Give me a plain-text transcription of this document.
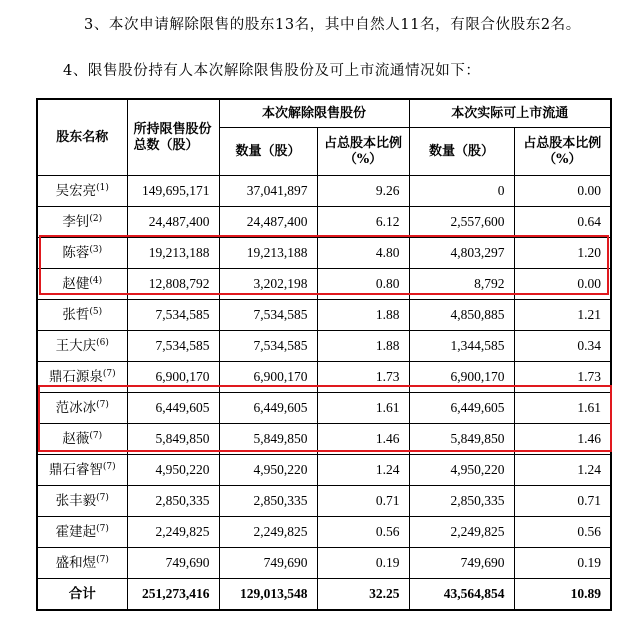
3、本次申请解除限售的股东13名，其中自然人11名，有限合伙股东2名。
4、限售股份持有人本次解除限售股份及可上市流通情况如下：
股东名称	所持限售股份总数（股）	本次解除限售股份		本次实际可上市流通	
		数量（股）	占总股本比例（%）	数量（股）	占总股本比例（%）
吴宏亮$^{(1)}$	149,695,171	37,041,897	9.26	0	0.00
李钊$^{(2)}$	24,487,400	24,487,400	6.12	2,557,600	0.64
陈蓉$^{(3)}$	19,213,188	19,213,188	4.80	4,803,297	1.20
赵健$^{(4)}$	12,808,792	3,202,198	0.80	8,792	0.00
张哲$^{(5)}$	7,534,585	7,534,585	1.88	4,850,885	1.21
王大庆$^{(6)}$	7,534,585	7,534,585	1.88	1,344,585	0.34
鼎石源泉$^{(7)}$	6,900,170	6,900,170	1.73	6,900,170	1.73
范冰冰$^{(7)}$	6,449,605	6,449,605	1.61	6,449,605	1.61
赵薇$^{(7)}$	5,849,850	5,849,850	1.46	5,849,850	1.46
鼎石睿智$^{(7)}$	4,950,220	4,950,220	1.24	4,950,220	1.24
张丰毅$^{(7)}$	2,850,335	2,850,335	0.71	2,850,335	0.71
霍建起$^{(7)}$	2,249,825	2,249,825	0.56	2,249,825	0.56
盛和煜$^{(7)}$	749,690	749,690	0.19	749,690	0.19
合计	251,273,416	129,013,548	32.25	43,564,854	10.89
